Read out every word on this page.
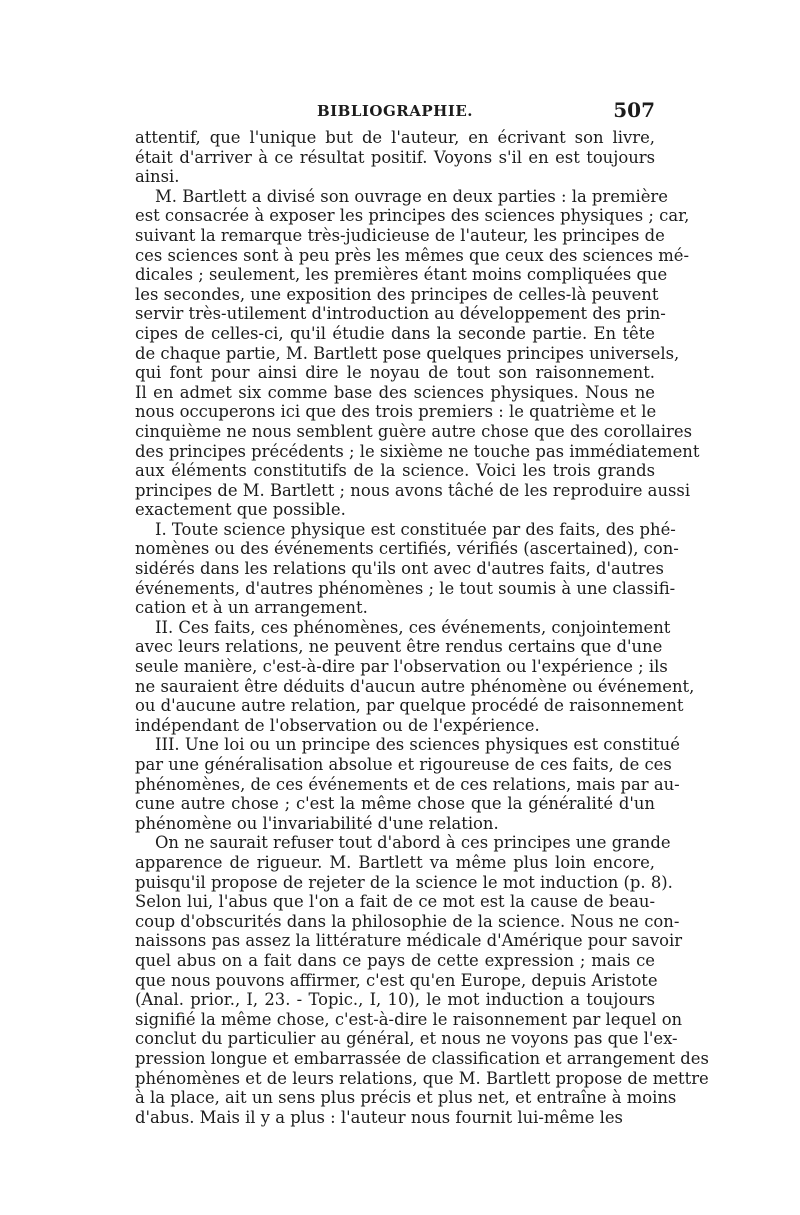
BIBLIOGRAPHIE.	507
attentif, que l'unique but de l'auteur, en écrivant son livre,
était d'arriver à ce résultat positif. Voyons s'il en est toujours
ainsi.
M. Bartlett a divisé son ouvrage en deux parties : la première
est consacrée à exposer les principes des sciences physiques ; car,
suivant la remarque très-judicieuse de l'auteur, les principes de
ces sciences sont à peu près les mêmes que ceux des sciences mé-
dicales ; seulement, les premières étant moins compliquées que
les secondes, une exposition des principes de celles-là peuvent
servir très-utilement d'introduction au développement des prin-
cipes de celles-ci, qu'il étudie dans la seconde partie. En tête
de chaque partie, M. Bartlett pose quelques principes universels,
qui font pour ainsi dire le noyau de tout son raisonnement.
Il en admet six comme base des sciences physiques. Nous ne
nous occuperons ici que des trois premiers : le quatrième et le
cinquième ne nous semblent guère autre chose que des corollaires
des principes précédents ; le sixième ne touche pas immédiatement
aux éléments constitutifs de la science. Voici les trois grands
principes de M. Bartlett ; nous avons tâché de les reproduire aussi
exactement que possible.
I. Toute science physique est constituée par des faits, des phé-
nomènes ou des événements certifiés, vérifiés (ascertained), con-
sidérés dans les relations qu'ils ont avec d'autres faits, d'autres
événements, d'autres phénomènes ; le tout soumis à une classifi-
cation et à un arrangement.
II. Ces faits, ces phénomènes, ces événements, conjointement
avec leurs relations, ne peuvent être rendus certains que d'une
seule manière, c'est-à-dire par l'observation ou l'expérience ; ils
ne sauraient être déduits d'aucun autre phénomène ou événement,
ou d'aucune autre relation, par quelque procédé de raisonnement
indépendant de l'observation ou de l'expérience.
III. Une loi ou un principe des sciences physiques est constitué
par une généralisation absolue et rigoureuse de ces faits, de ces
phénomènes, de ces événements et de ces relations, mais par au-
cune autre chose ; c'est la même chose que la généralité d'un
phénomène ou l'invariabilité d'une relation.
On ne saurait refuser tout d'abord à ces principes une grande
apparence de rigueur. M. Bartlett va même plus loin encore,
puisqu'il propose de rejeter de la science le mot induction (p. 8).
Selon lui, l'abus que l'on a fait de ce mot est la cause de beau-
coup d'obscurités dans la philosophie de la science. Nous ne con-
naissons pas assez la littérature médicale d'Amérique pour savoir
quel abus on a fait dans ce pays de cette expression ; mais ce
que nous pouvons affirmer, c'est qu'en Europe, depuis Aristote
(Anal. prior., I, 23. - Topic., I, 10), le mot induction a toujours
signifié la même chose, c'est-à-dire le raisonnement par lequel on
conclut du particulier au général, et nous ne voyons pas que l'ex-
pression longue et embarrassée de classification et arrangement des
phénomènes et de leurs relations, que M. Bartlett propose de mettre
à la place, ait un sens plus précis et plus net, et entraîne à moins
d'abus. Mais il y a plus : l'auteur nous fournit lui-même les
